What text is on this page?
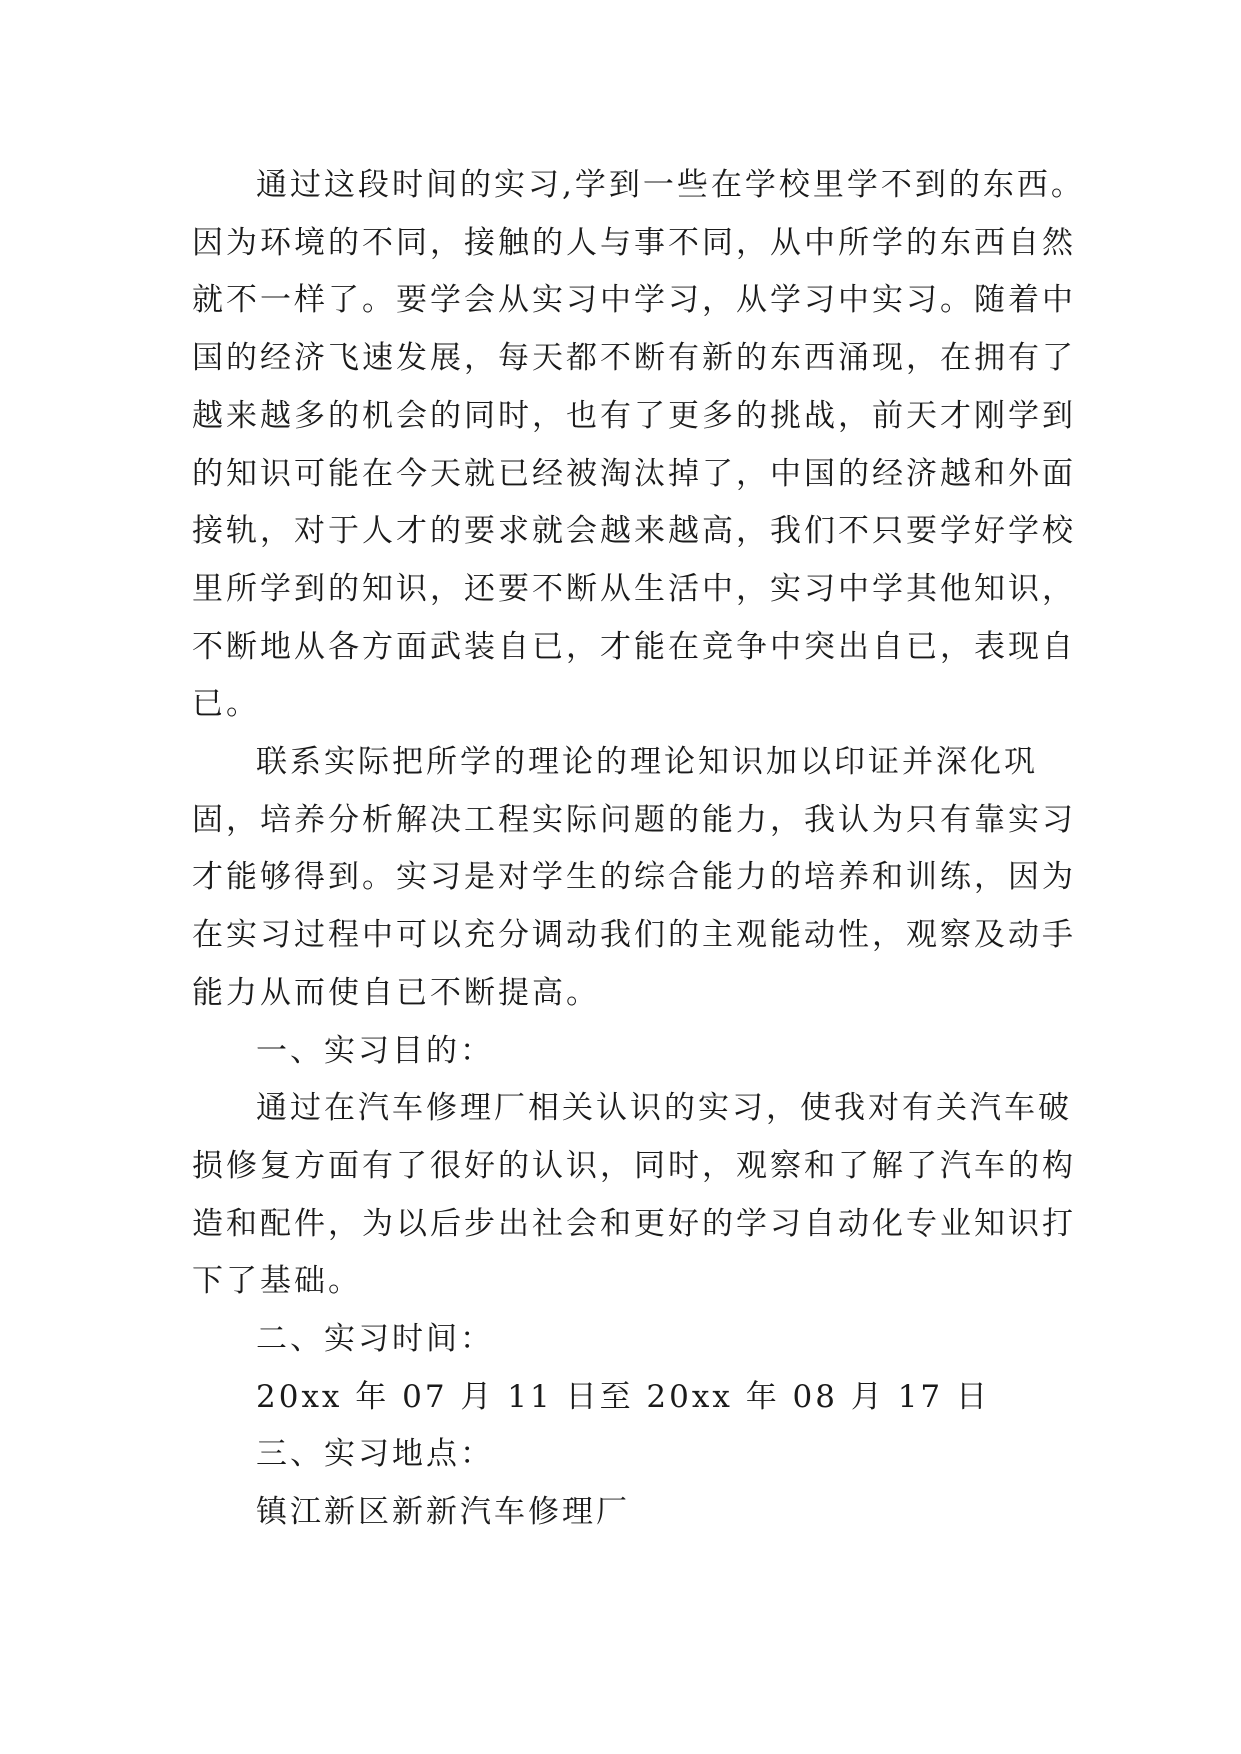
通过这段时间的实习,学到一些在学校里学不到的东西。
因为环境的不同，接触的人与事不同，从中所学的东西自然
就不一样了。要学会从实习中学习，从学习中实习。随着中
国的经济飞速发展，每天都不断有新的东西涌现，在拥有了
越来越多的机会的同时，也有了更多的挑战，前天才刚学到
的知识可能在今天就已经被淘汰掉了，中国的经济越和外面
接轨，对于人才的要求就会越来越高，我们不只要学好学校
里所学到的知识，还要不断从生活中，实习中学其他知识，
不断地从各方面武装自已，才能在竞争中突出自已，表现自
已。
联系实际把所学的理论的理论知识加以印证并深化巩
固，培养分析解决工程实际问题的能力，我认为只有靠实习
才能够得到。实习是对学生的综合能力的培养和训练，因为
在实习过程中可以充分调动我们的主观能动性，观察及动手
能力从而使自已不断提高。
一、实习目的：
通过在汽车修理厂相关认识的实习，使我对有关汽车破
损修复方面有了很好的认识，同时，观察和了解了汽车的构
造和配件，为以后步出社会和更好的学习自动化专业知识打
下了基础。
二、实习时间：
20xx 年 07 月 11 日至 20xx 年 08 月 17 日
三、实习地点：
镇江新区新新汽车修理厂
